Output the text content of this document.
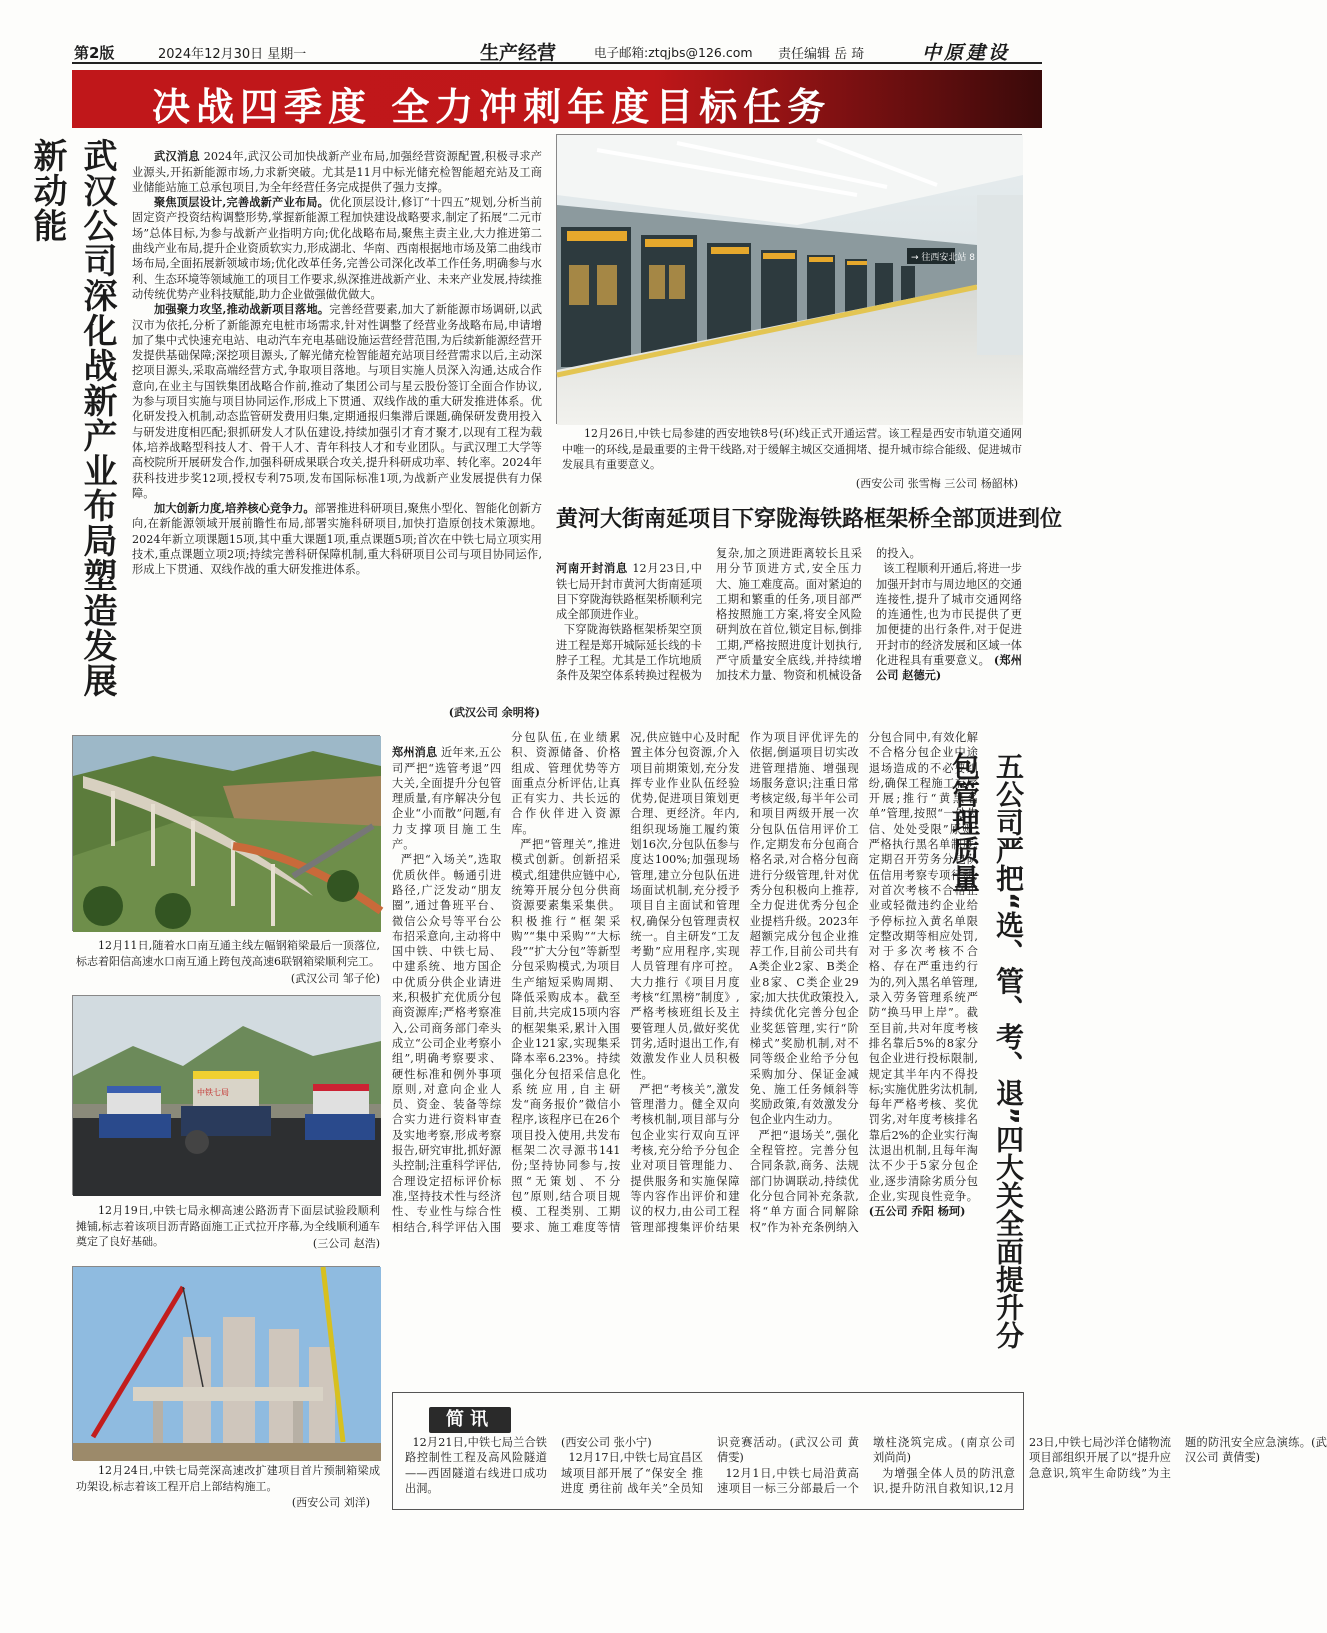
第2版	2024年12月30日 星期一	生产经营	电子邮箱:ztqjbs@126.com 责任编辑 岳 琦	中原建设
决战四季度 全力冲刺年度目标任务
武汉公司深化战新产业布局塑造发展新动能	武汉消息 2024年,武汉公司加快战新产业布局,加强经营资源配置,积极寻求产业源头,开拓新能源市场,力求新突破。尤其是11月中标光储充检智能超充站及工商业储能站施工总承包项目,为全年经营任务完成提供了强力支撑。
聚焦顶层设计,完善战新产业布局。优化顶层设计,修订“十四五”规划,分析当前固定资产投资结构调整形势,掌握新能源工程加快建设战略要求,制定了拓展“二元市场”总体目标,为参与战新产业指明方向;优化战略布局,聚焦主责主业,大力推进第二曲线产业布局,提升企业资质软实力,形成湖北、华南、西南根据地市场及第二曲线市场布局,全面拓展新领域市场;优化改革任务,完善公司深化改革工作任务,明确参与水利、生态环境等领域施工的项目工作要求,纵深推进战新产业、未来产业发展,持续推动传统优势产业科技赋能,助力企业做强做优做大。
加强聚力攻坚,推动战新项目落地。完善经营要素,加大了新能源市场调研,以武汉市为依托,分析了新能源充电桩市场需求,针对性调整了经营业务战略布局,申请增加了集中式快速充电站、电动汽车充电基础设施运营经营范围,为后续新能源经营开发提供基础保障;深挖项目源头,了解光储充检智能超充站项目经营需求以后,主动深挖项目源头,采取高端经营方式,争取项目落地。与项目实施人员深入沟通,达成合作意向,在业主与国铁集团战略合作前,推动了集团公司与星云股份签订全面合作协议,为参与项目实施与项目协同运作,形成上下贯通、双线作战的重大研发推进体系。优化研发投入机制,动态监管研发费用归集,定期通报归集滞后课题,确保研发费用投入与研发进度相匹配;狠抓研发人才队伍建设,持续加强引才育才聚才,以现有工程为载体,培养战略型科技人才、骨干人才、青年科技人才和专业团队。与武汉理工大学等高校院所开展研发合作,加强科研成果联合攻关,提升科研成功率、转化率。2024年获科技进步奖12项,授权专利75项,发布国际标准1项,为战新产业发展提供有力保障。
加大创新力度,培养核心竞争力。部署推进科研项目,聚焦小型化、智能化创新方向,在新能源领域开展前瞻性布局,部署实施科研项目,加快打造原创技术策源地。2024年新立项课题15项,其中重大课题1项,重点课题5项;首次在中铁七局立项实用技术,重点课题立项2项;持续完善科研保障机制,重大科研项目公司与项目协同运作,形成上下贯通、双线作战的重大研发推进体系。

(武汉公司 余明将)
→ 往西安北站 8
12月26日,中铁七局参建的西安地铁8号(环)线正式开通运营。该工程是西安市轨道交通网中唯一的环线,是最重要的主骨干线路,对于缓解主城区交通拥堵、提升城市综合能级、促进城市发展具有重要意义。
(西安公司 张雪梅 三公司 杨韶林)
黄河大街南延项目下穿陇海铁路框架桥全部顶进到位

河南开封消息 12月23日,中铁七局开封市黄河大街南延项目下穿陇海铁路框架桥顺利完成全部顶进作业。
下穿陇海铁路框架桥架空顶进工程是郑开城际延长线的卡脖子工程。尤其是工作坑地质条件及架空体系转换过程极为复杂,加之顶进距离较长且采用分节顶进方式,安全压力大、施工难度高。面对紧迫的工期和繁重的任务,项目部严格按照施工方案,将安全风险研判放在首位,锁定目标,倒排工期,严格按照进度计划执行,严守质量安全底线,并持续增加技术力量、物资和机械设备的投入。
该工程顺利开通后,将进一步加强开封市与周边地区的交通连接性,提升了城市交通网络的连通性,也为市民提供了更加便捷的出行条件,对于促进开封市的经济发展和区域一体化进程具有重要意义。 (郑州公司 赵德元)

12月11日,随着水口南互通主线左幅钢箱梁最后一顶落位,标志着阳信高速水口南互通上跨包茂高速6联钢箱梁顺利完工。
(武汉公司 邹子伦)
中铁七局
12月19日,中铁七局永柳高速公路沥青下面层试验段顺利摊铺,标志着该项目沥青路面施工正式拉开序幕,为全线顺利通车奠定了良好基础。	(三公司 赵浩)
12月24日,中铁七局莞深高速改扩建项目首片预制箱梁成功架设,标志着该工程开启上部结构施工。
(西安公司 刘洋)
五公司严把“选、管、考、退”四大关全面提升分包管理质量

郑州消息 近年来,五公司严把“选管考退”四大关,全面提升分包管理质量,有序解决分包企业“小而散”问题,有力支撑项目施工生产。
严把“入场关”,选取优质伙伴。畅通引进路径,广泛发动“朋友圈”,通过鲁班平台、微信公众号等平台公布招采意向,主动将中国中铁、中铁七局、中建系统、地方国企中优质分供企业请进来,积极扩充优质分包商资源库;严格考察准入,公司商务部门牵头成立“公司企业考察小组”,明确考察要求、硬性标准和例外事项原则,对意向企业人员、资金、装备等综合实力进行资料审查及实地考察,形成考察报告,研究审批,抓好源头控制;注重科学评估,合理设定招标评价标准,坚持技术性与经济性、专业性与综合性相结合,科学评估入围分包队伍,在业绩累积、资源储备、价格组成、管理优势等方面重点分析评估,让真正有实力、共长远的合作伙伴进入资源库。
严把“管理关”,推进模式创新。创新招采模式,组建供应链中心,统筹开展分包分供商资源要素集采集供。积极推行“框架采购”“集中采购”“大标段”“扩大分包”等新型分包采购模式,为项目生产缩短采购周期、降低采购成本。截至目前,共完成15项内容的框架集采,累计入围企业121家,实现集采降本率6.23%。持续强化分包招采信息化系统应用,自主研发“商务报价”微信小程序,该程序已在26个项目投入使用,共发布框架二次寻源书141份;坚持协同参与,按照“无策划、不分包”原则,结合项目规模、工程类别、工期要求、施工难度等情况,供应链中心及时配置主体分包资源,介入项目前期策划,充分发挥专业作业队伍经验优势,促进项目策划更合理、更经济。年内,组织现场施工履约策划16次,分包队伍参与度达100%;加强现场管理,建立分包队伍进场面试机制,充分授予项目自主面试和管理权,确保分包管理责权统一。自主研发“工友考勤”应用程序,实现人员管理有序可控。大力推行《项目月度考核“红黑榜”制度》,严格考核班组长及主要管理人员,做好奖优罚劣,适时退出工作,有效激发作业人员积极性。
严把“考核关”,激发管理潜力。健全双向考核机制,项目部与分包企业实行双向互评考核,充分给予分包企业对项目管理能力、提供服务和实施保障等内容作出评价和建议的权力,由公司工程管理部搜集评价结果作为项目评优评先的依据,倒逼项目切实改进管理措施、增强现场服务意识;注重日常考核定级,每半年公司和项目两级开展一次分包队伍信用评价工作,定期发布分包商合格名录,对合格分包商进行分级管理,针对优秀分包积极向上推荐,全力促进优秀分包企业提档升级。2023年超额完成分包企业推荐工作,目前公司共有A类企业2家、B类企业8家、C类企业29家;加大扶优政策投入,持续优化完善分包企业奖惩管理,实行“阶梯式”奖励机制,对不同等级企业给予分包采购加分、保证金减免、施工任务倾斜等奖励政策,有效激发分包企业内生动力。
严把“退场关”,强化全程管控。完善分包合同条款,商务、法规部门协调联动,持续优化分包合同补充条款,将“单方面合同解除权”作为补充条例纳入分包合同中,有效化解不合格分包企业中途退场造成的不必要纠纷,确保工程施工有序开展;推行“黄黑名单”管理,按照“一处失信、处处受限”原则,严格执行黑名单制度,定期召开劳务分包队伍信用考察专项行动,对首次考核不合格企业或轻微违约企业给予停标拉入黄名单限定整改期等相应处罚,对于多次考核不合格、存在严重违约行为的,列入黑名单管理,录入劳务管理系统严防“换马甲上岸”。截至目前,共对年度考核排名靠后5%的8家分包企业进行投标限制,规定其半年内不得投标;实施优胜劣汰机制,每年严格考核、奖优罚劣,对年度考核排名靠后2%的企业实行淘汰退出机制,且每年淘汰不少于5家分包企业,逐步清除劣质分包企业,实现良性竞争。 (五公司 乔阳 杨珂)

简讯
12月21日,中铁七局兰合铁路控制性工程及高风险隧道——西固隧道右线进口成功出洞。
(西安公司 张小宁)
12月17日,中铁七局宜昌区域项目部开展了“保安全 推进度 勇往前 战年关”全员知识竞赛活动。(武汉公司 黄倩雯)
12月1日,中铁七局沿黄高速项目一标三分部最后一个墩柱浇筑完成。(南京公司 刘尚尚)
为增强全体人员的防汛意识,提升防汛自救知识,12月23日,中铁七局沙洋仓储物流项目部组织开展了以“提升应急意识,筑牢生命防线”为主题的防汛安全应急演练。(武汉公司 黄倩雯)
